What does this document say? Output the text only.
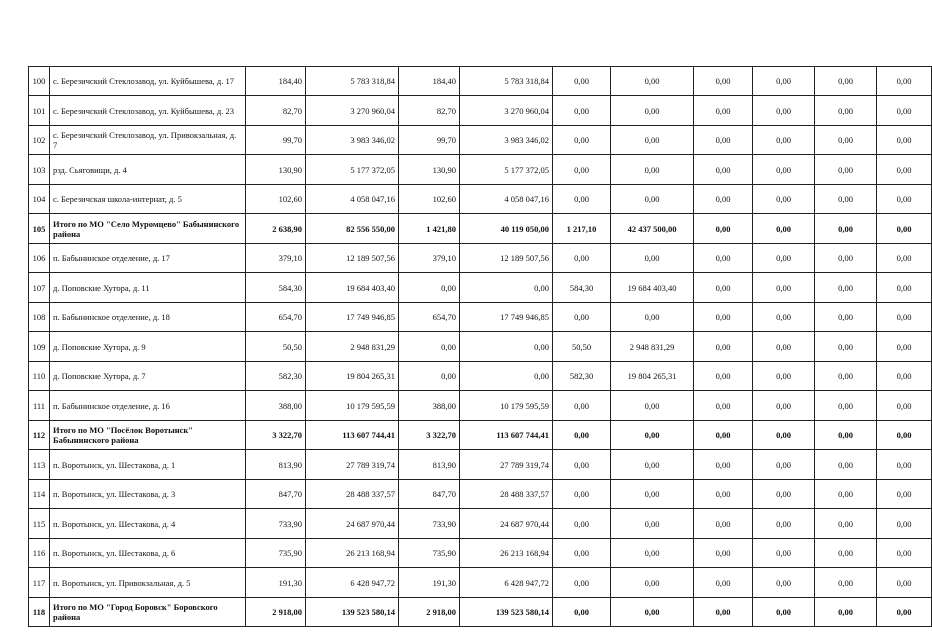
100	с. Березичский Стеклозавод, ул. Куйбышева, д. 17	184,40	5 783 318,84	184,40	5 783 318,84	0,00	0,00	0,00	0,00	0,00	0,00
101	с. Березичский Стеклозавод, ул. Куйбышева, д. 23	82,70	3 270 960,04	82,70	3 270 960,04	0,00	0,00	0,00	0,00	0,00	0,00
102	с. Березичский Стеклозавод, ул. Привокзальная, д. 7	99,70	3 983 346,02	99,70	3 983 346,02	0,00	0,00	0,00	0,00	0,00	0,00
103	рзд. Сьяговищи, д. 4	130,90	5 177 372,05	130,90	5 177 372,05	0,00	0,00	0,00	0,00	0,00	0,00
104	с. Березичская школа-интернат, д. 5	102,60	4 058 047,16	102,60	4 058 047,16	0,00	0,00	0,00	0,00	0,00	0,00
105	Итого по МО "Село Муромцево" Бабынинского района	2 638,90	82 556 550,00	1 421,80	40 119 050,00	1 217,10	42 437 500,00	0,00	0,00	0,00	0,00
106	п. Бабынинское отделение, д. 17	379,10	12 189 507,56	379,10	12 189 507,56	0,00	0,00	0,00	0,00	0,00	0,00
107	д. Поповские Хутора, д. 11	584,30	19 684 403,40	0,00	0,00	584,30	19 684 403,40	0,00	0,00	0,00	0,00
108	п. Бабынинское отделение, д. 18	654,70	17 749 946,85	654,70	17 749 946,85	0,00	0,00	0,00	0,00	0,00	0,00
109	д. Поповские Хутора, д. 9	50,50	2 948 831,29	0,00	0,00	50,50	2 948 831,29	0,00	0,00	0,00	0,00
110	д. Поповские Хутора, д. 7	582,30	19 804 265,31	0,00	0,00	582,30	19 804 265,31	0,00	0,00	0,00	0,00
111	п. Бабынинское отделение, д. 16	388,00	10 179 595,59	388,00	10 179 595,59	0,00	0,00	0,00	0,00	0,00	0,00
112	Итого по МО "Посёлок Воротынск" Бабынинского района	3 322,70	113 607 744,41	3 322,70	113 607 744,41	0,00	0,00	0,00	0,00	0,00	0,00
113	п. Воротынск, ул. Шестакова, д. 1	813,90	27 789 319,74	813,90	27 789 319,74	0,00	0,00	0,00	0,00	0,00	0,00
114	п. Воротынск, ул. Шестакова, д. 3	847,70	28 488 337,57	847,70	28 488 337,57	0,00	0,00	0,00	0,00	0,00	0,00
115	п. Воротынск, ул. Шестакова, д. 4	733,90	24 687 970,44	733,90	24 687 970,44	0,00	0,00	0,00	0,00	0,00	0,00
116	п. Воротынск, ул. Шестакова, д. 6	735,90	26 213 168,94	735,90	26 213 168,94	0,00	0,00	0,00	0,00	0,00	0,00
117	п. Воротынск, ул. Привокзальная, д. 5	191,30	6 428 947,72	191,30	6 428 947,72	0,00	0,00	0,00	0,00	0,00	0,00
118	Итого по МО "Город Боровск" Боровского района	2 918,00	139 523 580,14	2 918,00	139 523 580,14	0,00	0,00	0,00	0,00	0,00	0,00
